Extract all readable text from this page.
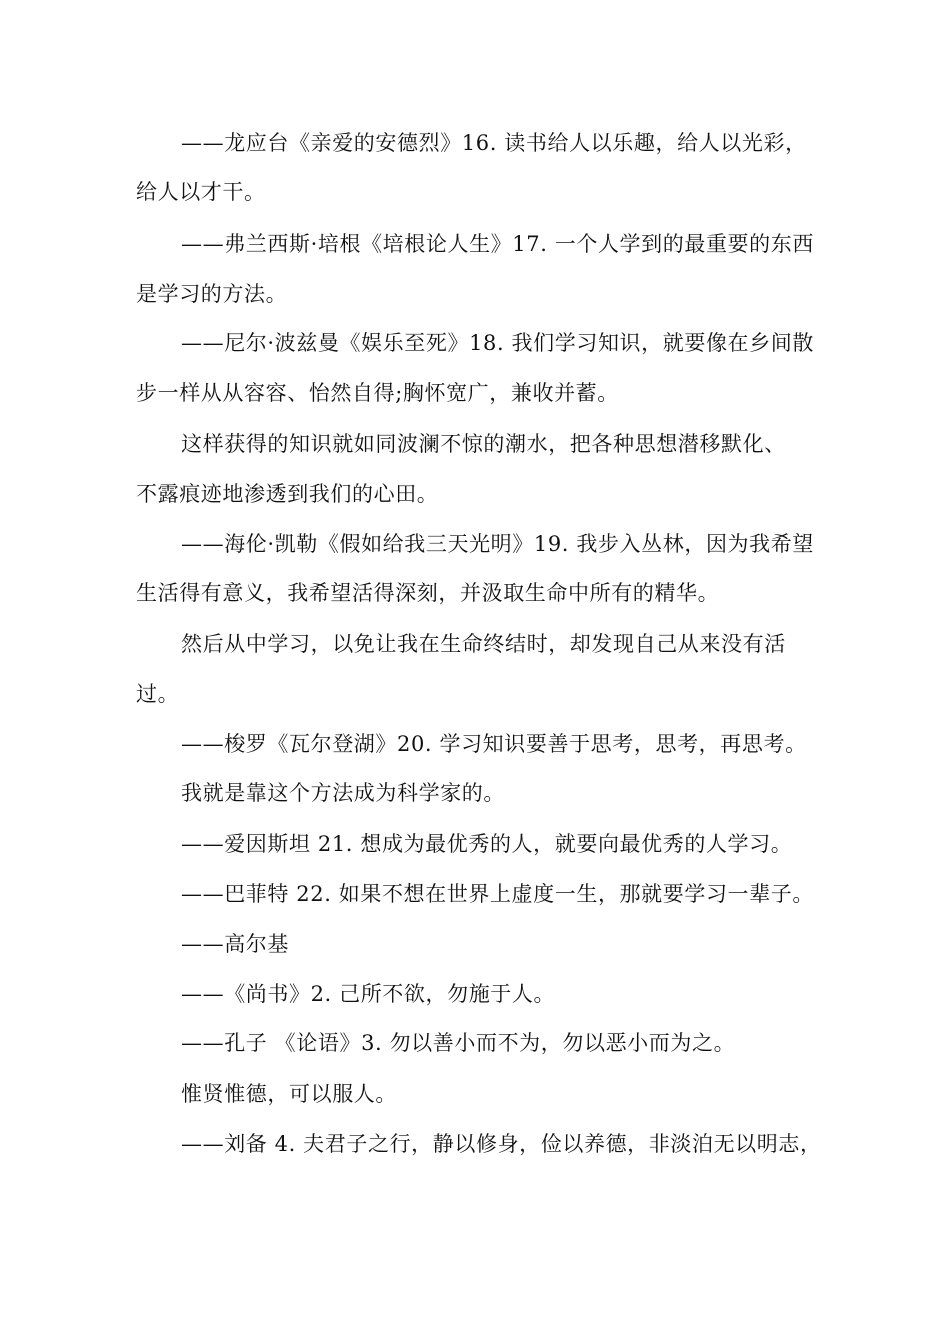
——龙应台《亲爱的安德烈》16. 读书给人以乐趣，给人以光彩，
给人以才干。
——弗兰西斯·培根《培根论人生》17. 一个人学到的最重要的东西
是学习的方法。
——尼尔·波兹曼《娱乐至死》18. 我们学习知识，就要像在乡间散
步一样从从容容、怡然自得;胸怀宽广，兼收并蓄。
这样获得的知识就如同波澜不惊的潮水，把各种思想潜移默化、
不露痕迹地渗透到我们的心田。
——海伦·凯勒《假如给我三天光明》19. 我步入丛林，因为我希望
生活得有意义，我希望活得深刻，并汲取生命中所有的精华。
然后从中学习，以免让我在生命终结时，却发现自己从来没有活
过。
——梭罗《瓦尔登湖》20. 学习知识要善于思考，思考，再思考。
我就是靠这个方法成为科学家的。
——爱因斯坦 21. 想成为最优秀的人，就要向最优秀的人学习。
——巴菲特 22. 如果不想在世界上虚度一生，那就要学习一辈子。
——高尔基
——《尚书》2. 己所不欲，勿施于人。
——孔子 《论语》3. 勿以善小而不为，勿以恶小而为之。
惟贤惟德，可以服人。
——刘备 4. 夫君子之行，静以修身，俭以养德，非淡泊无以明志，
